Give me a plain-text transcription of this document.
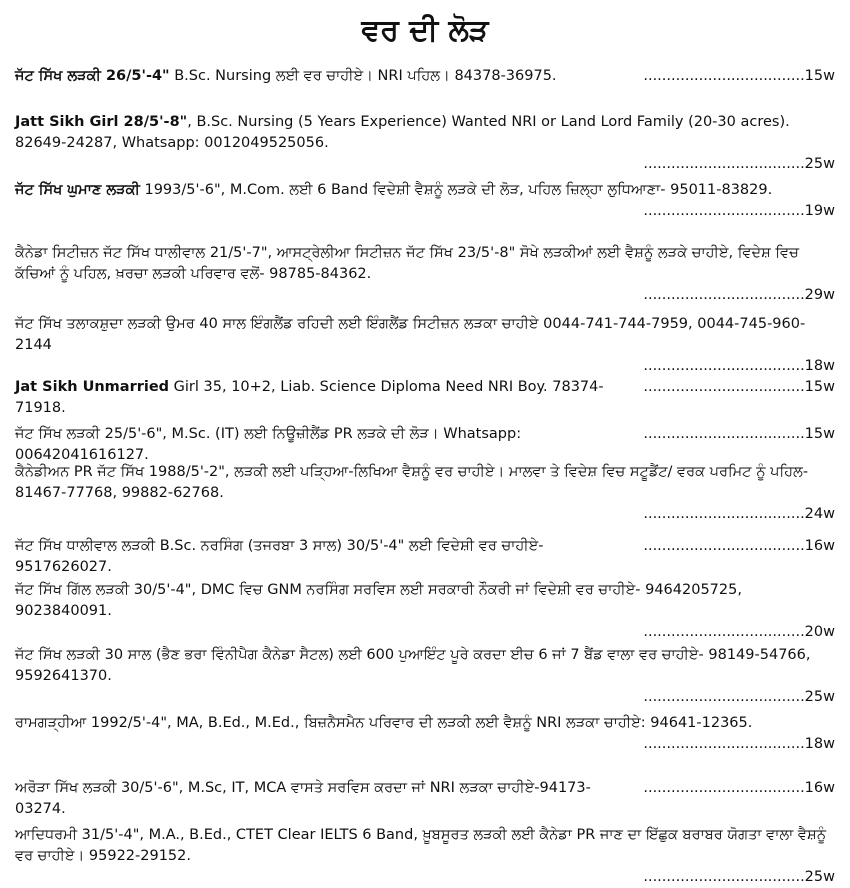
ਵਰ ਦੀ ਲੋੜ
ਜੱਟ ਸਿੱਖ ਲੜਕੀ 26/5'-4" B.Sc. Nursing ਲਈ ਵਰ ਚਾਹੀਏ। NRI ਪਹਿਲ। 84378-36975.	...................................15w
Jatt Sikh Girl 28/5'-8", B.Sc. Nursing (5 Years Experience) Wanted NRI or Land Lord Family (20-30 acres). 82649-24287, Whatsapp: 0012049525056.
...................................25w
ਜੱਟ ਸਿੱਖ ਘੁਮਾਣ ਲੜਕੀ 1993/5'-6", M.Com. ਲਈ 6 Band ਵਿਦੇਸ਼ੀ ਵੈਸ਼ਨੂੰ ਲੜਕੇ ਦੀ ਲੋੜ, ਪਹਿਲ ਜ਼ਿਲ੍ਹਾ ਲੁਧਿਆਣਾ- 95011-83829.
...................................19w
ਕੈਨੇਡਾ ਸਿਟੀਜ਼ਨ ਜੱਟ ਸਿੱਖ ਧਾਲੀਵਾਲ 21/5'-7", ਆਸਟ੍ਰੇਲੀਆ ਸਿਟੀਜ਼ਨ ਜੱਟ ਸਿੱਖ 23/5'-8" ਸੋਖੇ ਲੜਕੀਆਂ ਲਈ ਵੈਸ਼ਨੂੰ ਲੜਕੇ ਚਾਹੀਏ, ਵਿਦੇਸ਼ ਵਿਚ ਕੱਚਿਆਂ ਨੂੰ ਪਹਿਲ, ਖ਼ਰਚਾ ਲੜਕੀ ਪਰਿਵਾਰ ਵਲੋਂ- 98785-84362.
...................................29w
ਜੱਟ ਸਿੱਖ ਤਲਾਕਸ਼ੁਦਾ ਲੜਕੀ ਉਮਰ 40 ਸਾਲ ਇੰਗਲੈਂਡ ਰਹਿਦੀ ਲਈ ਇੰਗਲੈਂਡ ਸਿਟੀਜ਼ਨ ਲੜਕਾ ਚਾਹੀਏ 0044-741-744-7959, 0044-745-960-2144
...................................18w
Jat Sikh Unmarried Girl 35, 10+2, Liab. Science Diploma Need NRI Boy. 78374-71918.
...................................15w
ਜੱਟ ਸਿੱਖ ਲੜਕੀ 25/5'-6", M.Sc. (IT) ਲਈ ਨਿਊਜ਼ੀਲੈਂਡ PR ਲੜਕੇ ਦੀ ਲੋੜ। Whatsapp: 00642041616127.
...................................15w
ਕੈਨੇਡੀਅਨ PR ਜੱਟ ਸਿੱਖ 1988/5'-2", ਲੜਕੀ ਲਈ ਪੜ੍ਹਿਆ-ਲਿਖਿਆ ਵੈਸ਼ਨੂੰ ਵਰ ਚਾਹੀਏ। ਮਾਲਵਾ ਤੇ ਵਿਦੇਸ਼ ਵਿਚ ਸਟੂਡੈਂਟ/ ਵਰਕ ਪਰਮਿਟ ਨੂੰ ਪਹਿਲ- 81467-77768, 99882-62768.
...................................24w
ਜੱਟ ਸਿੱਖ ਧਾਲੀਵਾਲ ਲੜਕੀ B.Sc. ਨਰਸਿੰਗ (ਤਜਰਬਾ 3 ਸਾਲ) 30/5'-4" ਲਈ ਵਿਦੇਸ਼ੀ ਵਰ ਚਾਹੀਏ- 9517626027.
...................................16w
ਜੱਟ ਸਿੱਖ ਗਿੱਲ ਲੜਕੀ 30/5'-4", DMC ਵਿਚ GNM ਨਰਸਿੰਗ ਸਰਵਿਸ ਲਈ ਸਰਕਾਰੀ ਨੌਕਰੀ ਜਾਂ ਵਿਦੇਸ਼ੀ ਵਰ ਚਾਹੀਏ- 9464205725, 9023840091.
...................................20w
ਜੱਟ ਸਿੱਖ ਲੜਕੀ 30 ਸਾਲ (ਭੈਣ ਭਰਾ ਵਿੰਨੀਪੈਗ ਕੈਨੇਡਾ ਸੈਟਲ) ਲਈ 600 ਪੁਆਇੰਟ ਪੂਰੇ ਕਰਦਾ ਈਚ 6 ਜਾਂ 7 ਬੈਂਡ ਵਾਲਾ ਵਰ ਚਾਹੀਏ- 98149-54766, 9592641370.
...................................25w
ਰਾਮਗੜ੍ਹੀਆ 1992/5'-4", MA, B.Ed., M.Ed., ਬਿਜ਼ਨੈਸਮੈਨ ਪਰਿਵਾਰ ਦੀ ਲੜਕੀ ਲਈ ਵੈਸ਼ਨੂੰ NRI ਲੜਕਾ ਚਾਹੀਏ: 94641-12365.
...................................18w
ਅਰੋੜਾ ਸਿੱਖ ਲੜਕੀ 30/5'-6", M.Sc, IT, MCA ਵਾਸਤੇ ਸਰਵਿਸ ਕਰਦਾ ਜਾਂ NRI ਲੜਕਾ ਚਾਹੀਏ-94173-03274.
...................................16w
ਆਦਿਧਰਮੀ 31/5'-4", M.A., B.Ed., CTET Clear IELTS 6 Band, ਖ਼ੂਬਸੂਰਤ ਲੜਕੀ ਲਈ ਕੈਨੇਡਾ PR ਜਾਣ ਦਾ ਇੱਛੁਕ ਬਰਾਬਰ ਯੋਗਤਾ ਵਾਲਾ ਵੈਸ਼ਨੂੰ ਵਰ ਚਾਹੀਏ। 95922-29152.
...................................25w
